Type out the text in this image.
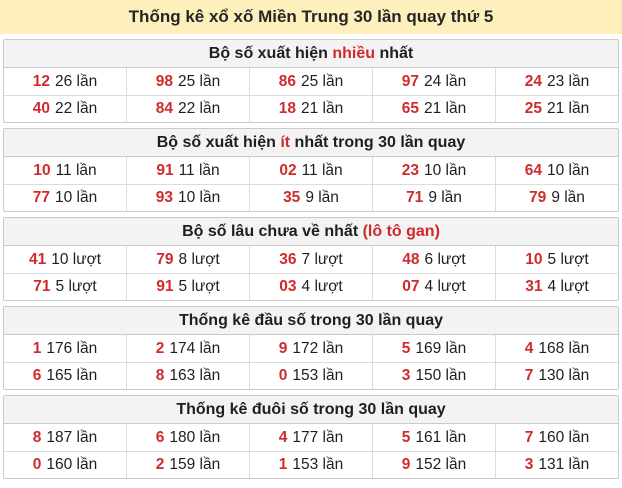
Thống kê xổ xố Miền Trung 30 lần quay thứ 5
Bộ số xuất hiện nhiều nhất
12 26 lần	98 25 lần	86 25 lần	97 24 lần	24 23 lần
40 22 lần	84 22 lần	18 21 lần	65 21 lần	25 21 lần
Bộ số xuất hiện ít nhất trong 30 lần quay
10 11 lần	91 11 lần	02 11 lần	23 10 lần	64 10 lần
77 10 lần	93 10 lần	35 9 lần	71 9 lần	79 9 lần
Bộ số lâu chưa về nhất (lô tô gan)
41 10 lượt	79 8 lượt	36 7 lượt	48 6 lượt	10 5 lượt
71 5 lượt	91 5 lượt	03 4 lượt	07 4 lượt	31 4 lượt
Thống kê đầu số trong 30 lần quay
1 176 lần	2 174 lần	9 172 lần	5 169 lần	4 168 lần
6 165 lần	8 163 lần	0 153 lần	3 150 lần	7 130 lần
Thống kê đuôi số trong 30 lần quay
8 187 lần	6 180 lần	4 177 lần	5 161 lần	7 160 lần
0 160 lần	2 159 lần	1 153 lần	9 152 lần	3 131 lần
